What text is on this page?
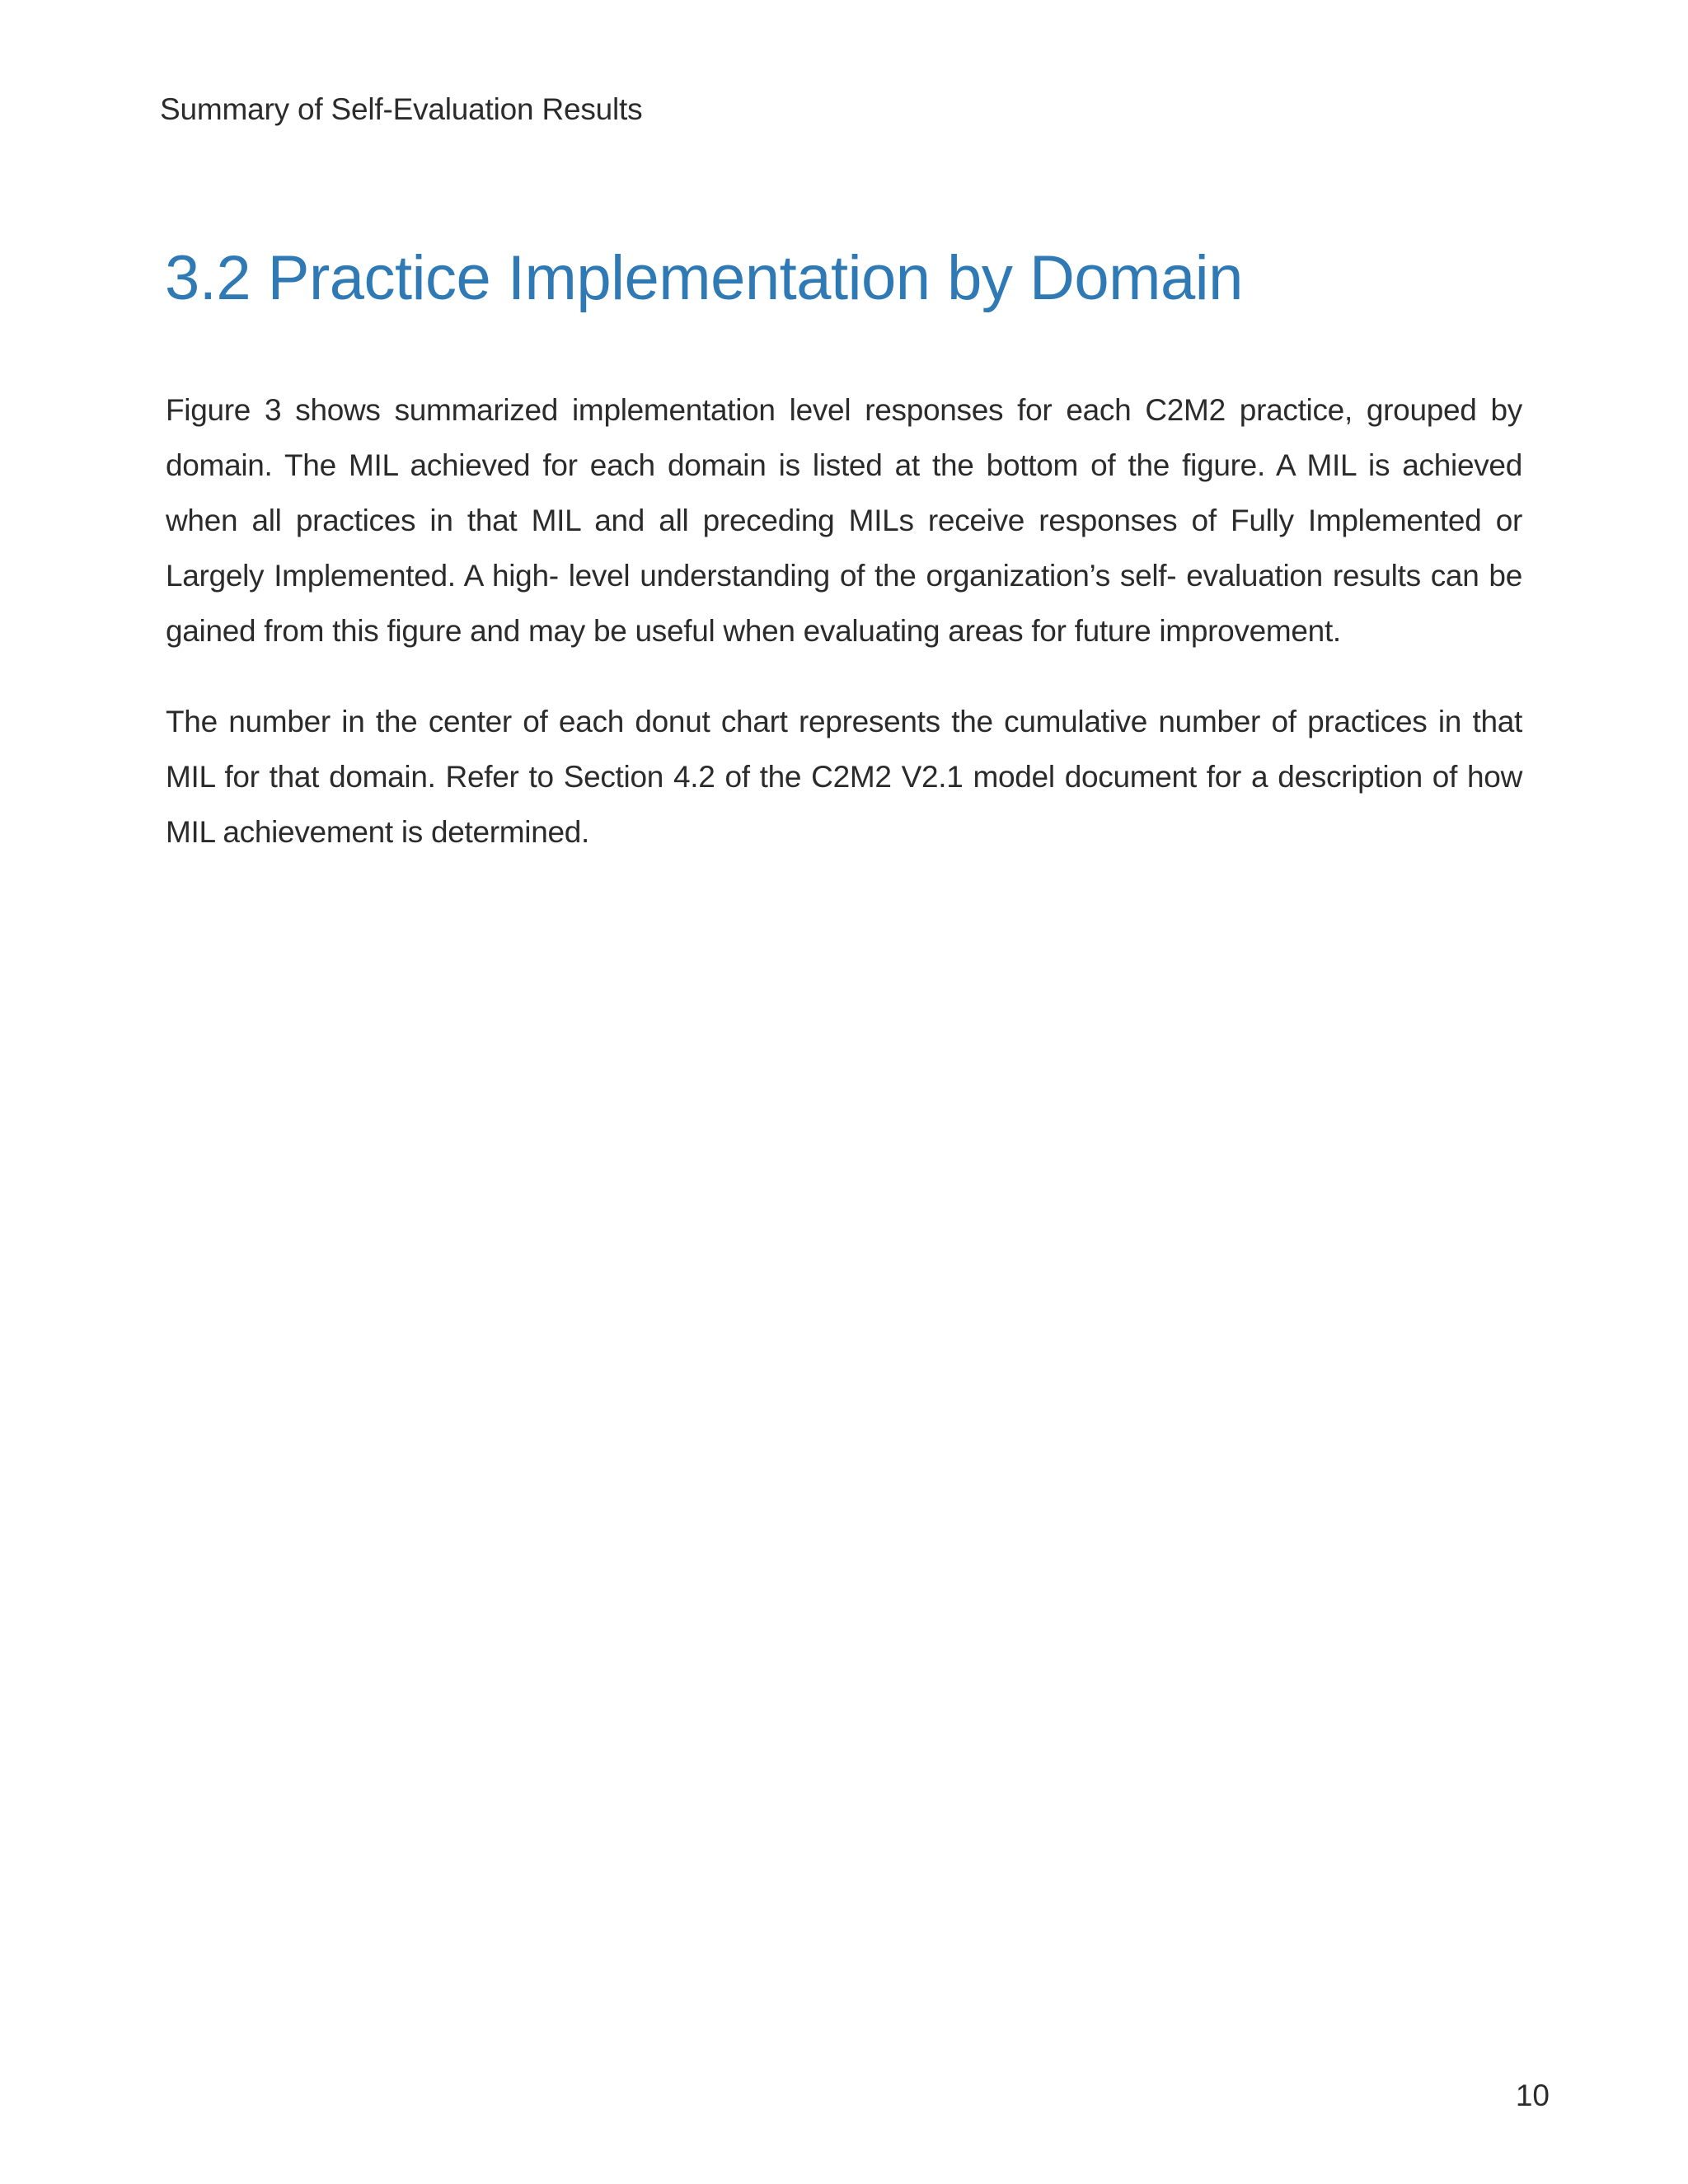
Summary of Self-Evaluation Results

3.2 Practice Implementation by Domain

Figure 3 shows summarized implementation level responses for each C2M2 practice, grouped by domain. The MIL achieved for each domain is listed at the bottom of the figure. A MIL is achieved when all practices in that MIL and all preceding MILs receive responses of Fully Implemented or Largely Implemented. A high- level understanding of the organization’s self- evaluation results can be gained from this figure and may be useful when evaluating areas for future improvement.

The number in the center of each donut chart represents the cumulative number of practices in that MIL for that domain. Refer to Section 4.2 of the C2M2 V2.1 model document for a description of how MIL achievement is determined.

10
